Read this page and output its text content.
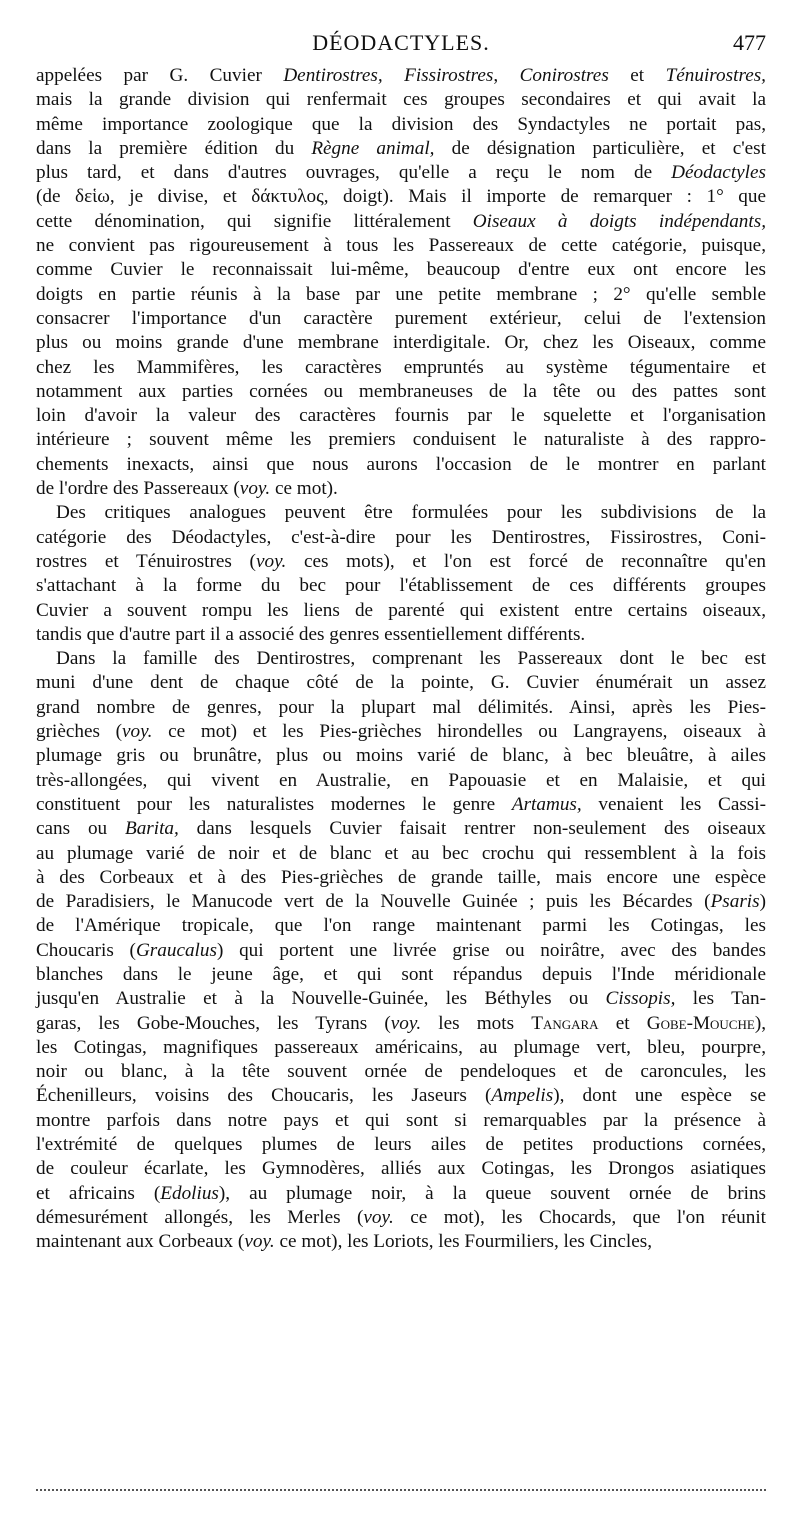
DÉODACTYLES.	477

appelées par G. Cuvier Dentirostres, Fissirostres, Conirostres et Ténuirostres,
mais la grande division qui renfermait ces groupes secondaires et qui avait la
même importance zoologique que la division des Syndactyles ne portait pas,
dans la première édition du Règne animal, de désignation particulière, et c'est
plus tard, et dans d'autres ouvrages, qu'elle a reçu le nom de Déodactyles
(de δεἱω, je divise, et δάκτυλος, doigt). Mais il importe de remarquer : 1° que
cette dénomination, qui signifie littéralement Oiseaux à doigts indépendants,
ne convient pas rigoureusement à tous les Passereaux de cette catégorie, puisque,
comme Cuvier le reconnaissait lui-même, beaucoup d'entre eux ont encore les
doigts en partie réunis à la base par une petite membrane ; 2° qu'elle semble
consacrer l'importance d'un caractère purement extérieur, celui de l'extension
plus ou moins grande d'une membrane interdigitale. Or, chez les Oiseaux, comme
chez les Mammifères, les caractères empruntés au système tégumentaire et
notamment aux parties cornées ou membraneuses de la tête ou des pattes sont
loin d'avoir la valeur des caractères fournis par le squelette et l'organisation
intérieure ; souvent même les premiers conduisent le naturaliste à des rappro-
chements inexacts, ainsi que nous aurons l'occasion de le montrer en parlant
de l'ordre des Passereaux (voy. ce mot).

Des critiques analogues peuvent être formulées pour les subdivisions de la
catégorie des Déodactyles, c'est-à-dire pour les Dentirostres, Fissirostres, Coni-
rostres et Ténuirostres (voy. ces mots), et l'on est forcé de reconnaître qu'en
s'attachant à la forme du bec pour l'établissement de ces différents groupes
Cuvier a souvent rompu les liens de parenté qui existent entre certains oiseaux,
tandis que d'autre part il a associé des genres essentiellement différents.

Dans la famille des Dentirostres, comprenant les Passereaux dont le bec est
muni d'une dent de chaque côté de la pointe, G. Cuvier énumérait un assez
grand nombre de genres, pour la plupart mal délimités. Ainsi, après les Pies-
grièches (voy. ce mot) et les Pies-grièches hirondelles ou Langrayens, oiseaux à
plumage gris ou brunâtre, plus ou moins varié de blanc, à bec bleuâtre, à ailes
très-allongées, qui vivent en Australie, en Papouasie et en Malaisie, et qui
constituent pour les naturalistes modernes le genre Artamus, venaient les Cassi-
cans ou Barita, dans lesquels Cuvier faisait rentrer non-seulement des oiseaux
au plumage varié de noir et de blanc et au bec crochu qui ressemblent à la fois
à des Corbeaux et à des Pies-grièches de grande taille, mais encore une espèce
de Paradisiers, le Manucode vert de la Nouvelle Guinée ; puis les Bécardes (Psaris)
de l'Amérique tropicale, que l'on range maintenant parmi les Cotingas, les
Choucaris (Graucalus) qui portent une livrée grise ou noirâtre, avec des bandes
blanches dans le jeune âge, et qui sont répandus depuis l'Inde méridionale
jusqu'en Australie et à la Nouvelle-Guinée, les Béthyles ou Cissopis, les Tan-
garas, les Gobe-Mouches, les Tyrans (voy. les mots Tangara et Gobe-Mouche),
les Cotingas, magnifiques passereaux américains, au plumage vert, bleu, pourpre,
noir ou blanc, à la tête souvent ornée de pendeloques et de caroncules, les
Échenilleurs, voisins des Choucaris, les Jaseurs (Ampelis), dont une espèce se
montre parfois dans notre pays et qui sont si remarquables par la présence à
l'extrémité de quelques plumes de leurs ailes de petites productions cornées,
de couleur écarlate, les Gymnodères, alliés aux Cotingas, les Drongos asiatiques
et africains (Edolius), au plumage noir, à la queue souvent ornée de brins
démesurément allongés, les Merles (voy. ce mot), les Chocards, que l'on réunit
maintenant aux Corbeaux (voy. ce mot), les Loriots, les Fourmiliers, les Cincles,
